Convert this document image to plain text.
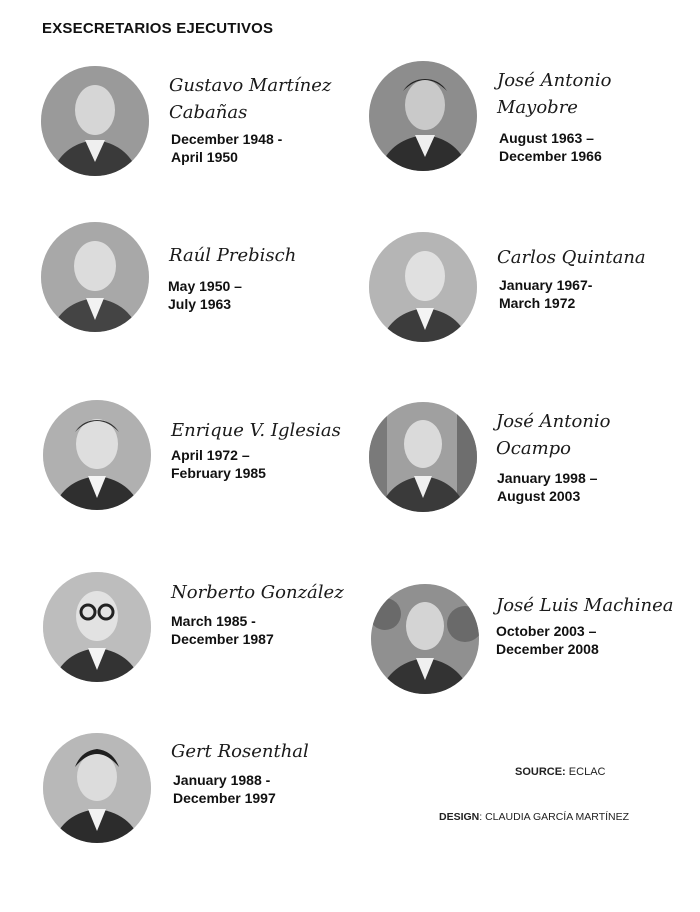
EXSECRETARIOS EJECUTIVOS
Gustavo Martínez
Cabañas
December 1948 -
April 1950
José Antonio
Mayobre
August 1963 –
December 1966
Raúl Prebisch
May 1950 –
July 1963
Carlos Quintana
January 1967-
March 1972
Enrique V. Iglesias
April 1972 –
February 1985
José Antonio
Ocampo
January 1998 –
August 2003
Norberto González
March 1985 -
December 1987
José Luis Machinea
October 2003 –
December 2008
Gert Rosenthal
January 1988 -
December 1997
SOURCE: ECLAC
DESIGN: CLAUDIA GARCÍA MARTÍNEZ
